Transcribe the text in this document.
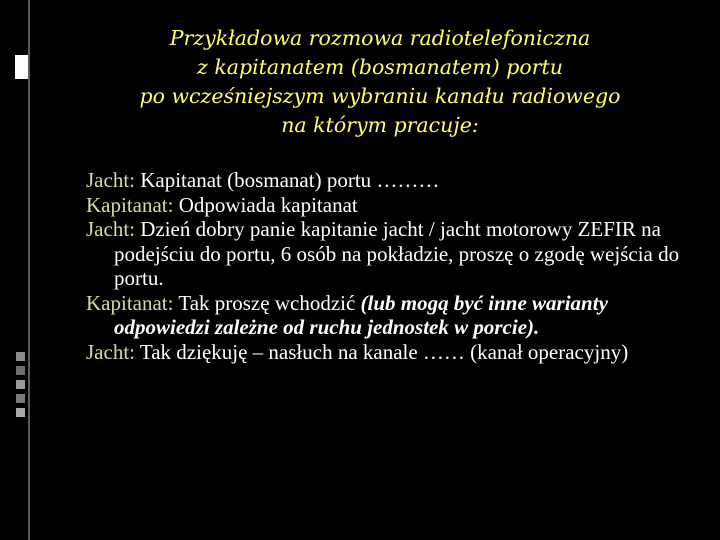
Przykładowa rozmowa radiotelefoniczna
z kapitanatem (bosmanatem) portu
po wcześniejszym wybraniu kanału radiowego
na którym pracuje:
Jacht: Kapitanat (bosmanat) portu ………
Kapitanat: Odpowiada kapitanat
Jacht: Dzień dobry panie kapitanie jacht / jacht motorowy ZEFIR na podejściu do portu, 6 osób na pokładzie, proszę o zgodę wejścia do portu.
Kapitanat: Tak proszę wchodzić (lub mogą być inne warianty odpowiedzi zależne od ruchu jednostek w porcie).
Jacht: Tak dziękuję – nasłuch na kanale …… (kanał operacyjny)
